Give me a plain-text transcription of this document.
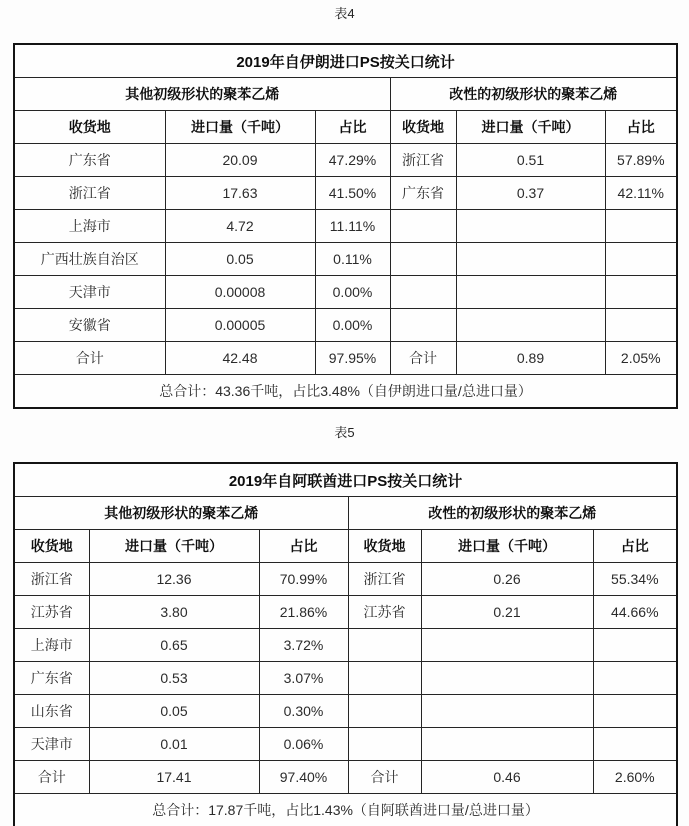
表4
2019年自伊朗进口PS按关口统计					
其他初级形状的聚苯乙烯			改性的初级形状的聚苯乙烯		
收货地	进口量（千吨）	占比	收货地	进口量（千吨）	占比
广东省	20.09	47.29%	浙江省	0.51	57.89%
浙江省	17.63	41.50%	广东省	0.37	42.11%
上海市	4.72	11.11%			
广西壮族自治区	0.05	0.11%			
天津市	0.00008	0.00%			
安徽省	0.00005	0.00%			
合计	42.48	97.95%	合计	0.89	2.05%
总合计：43.36千吨，占比3.48%（自伊朗进口量/总进口量）					
表5
2019年自阿联酋进口PS按关口统计					
其他初级形状的聚苯乙烯			改性的初级形状的聚苯乙烯		
收货地	进口量（千吨）	占比	收货地	进口量（千吨）	占比
浙江省	12.36	70.99%	浙江省	0.26	55.34%
江苏省	3.80	21.86%	江苏省	0.21	44.66%
上海市	0.65	3.72%			
广东省	0.53	3.07%			
山东省	0.05	0.30%			
天津市	0.01	0.06%			
合计	17.41	97.40%	合计	0.46	2.60%
总合计：17.87千吨，占比1.43%（自阿联酋进口量/总进口量）					
